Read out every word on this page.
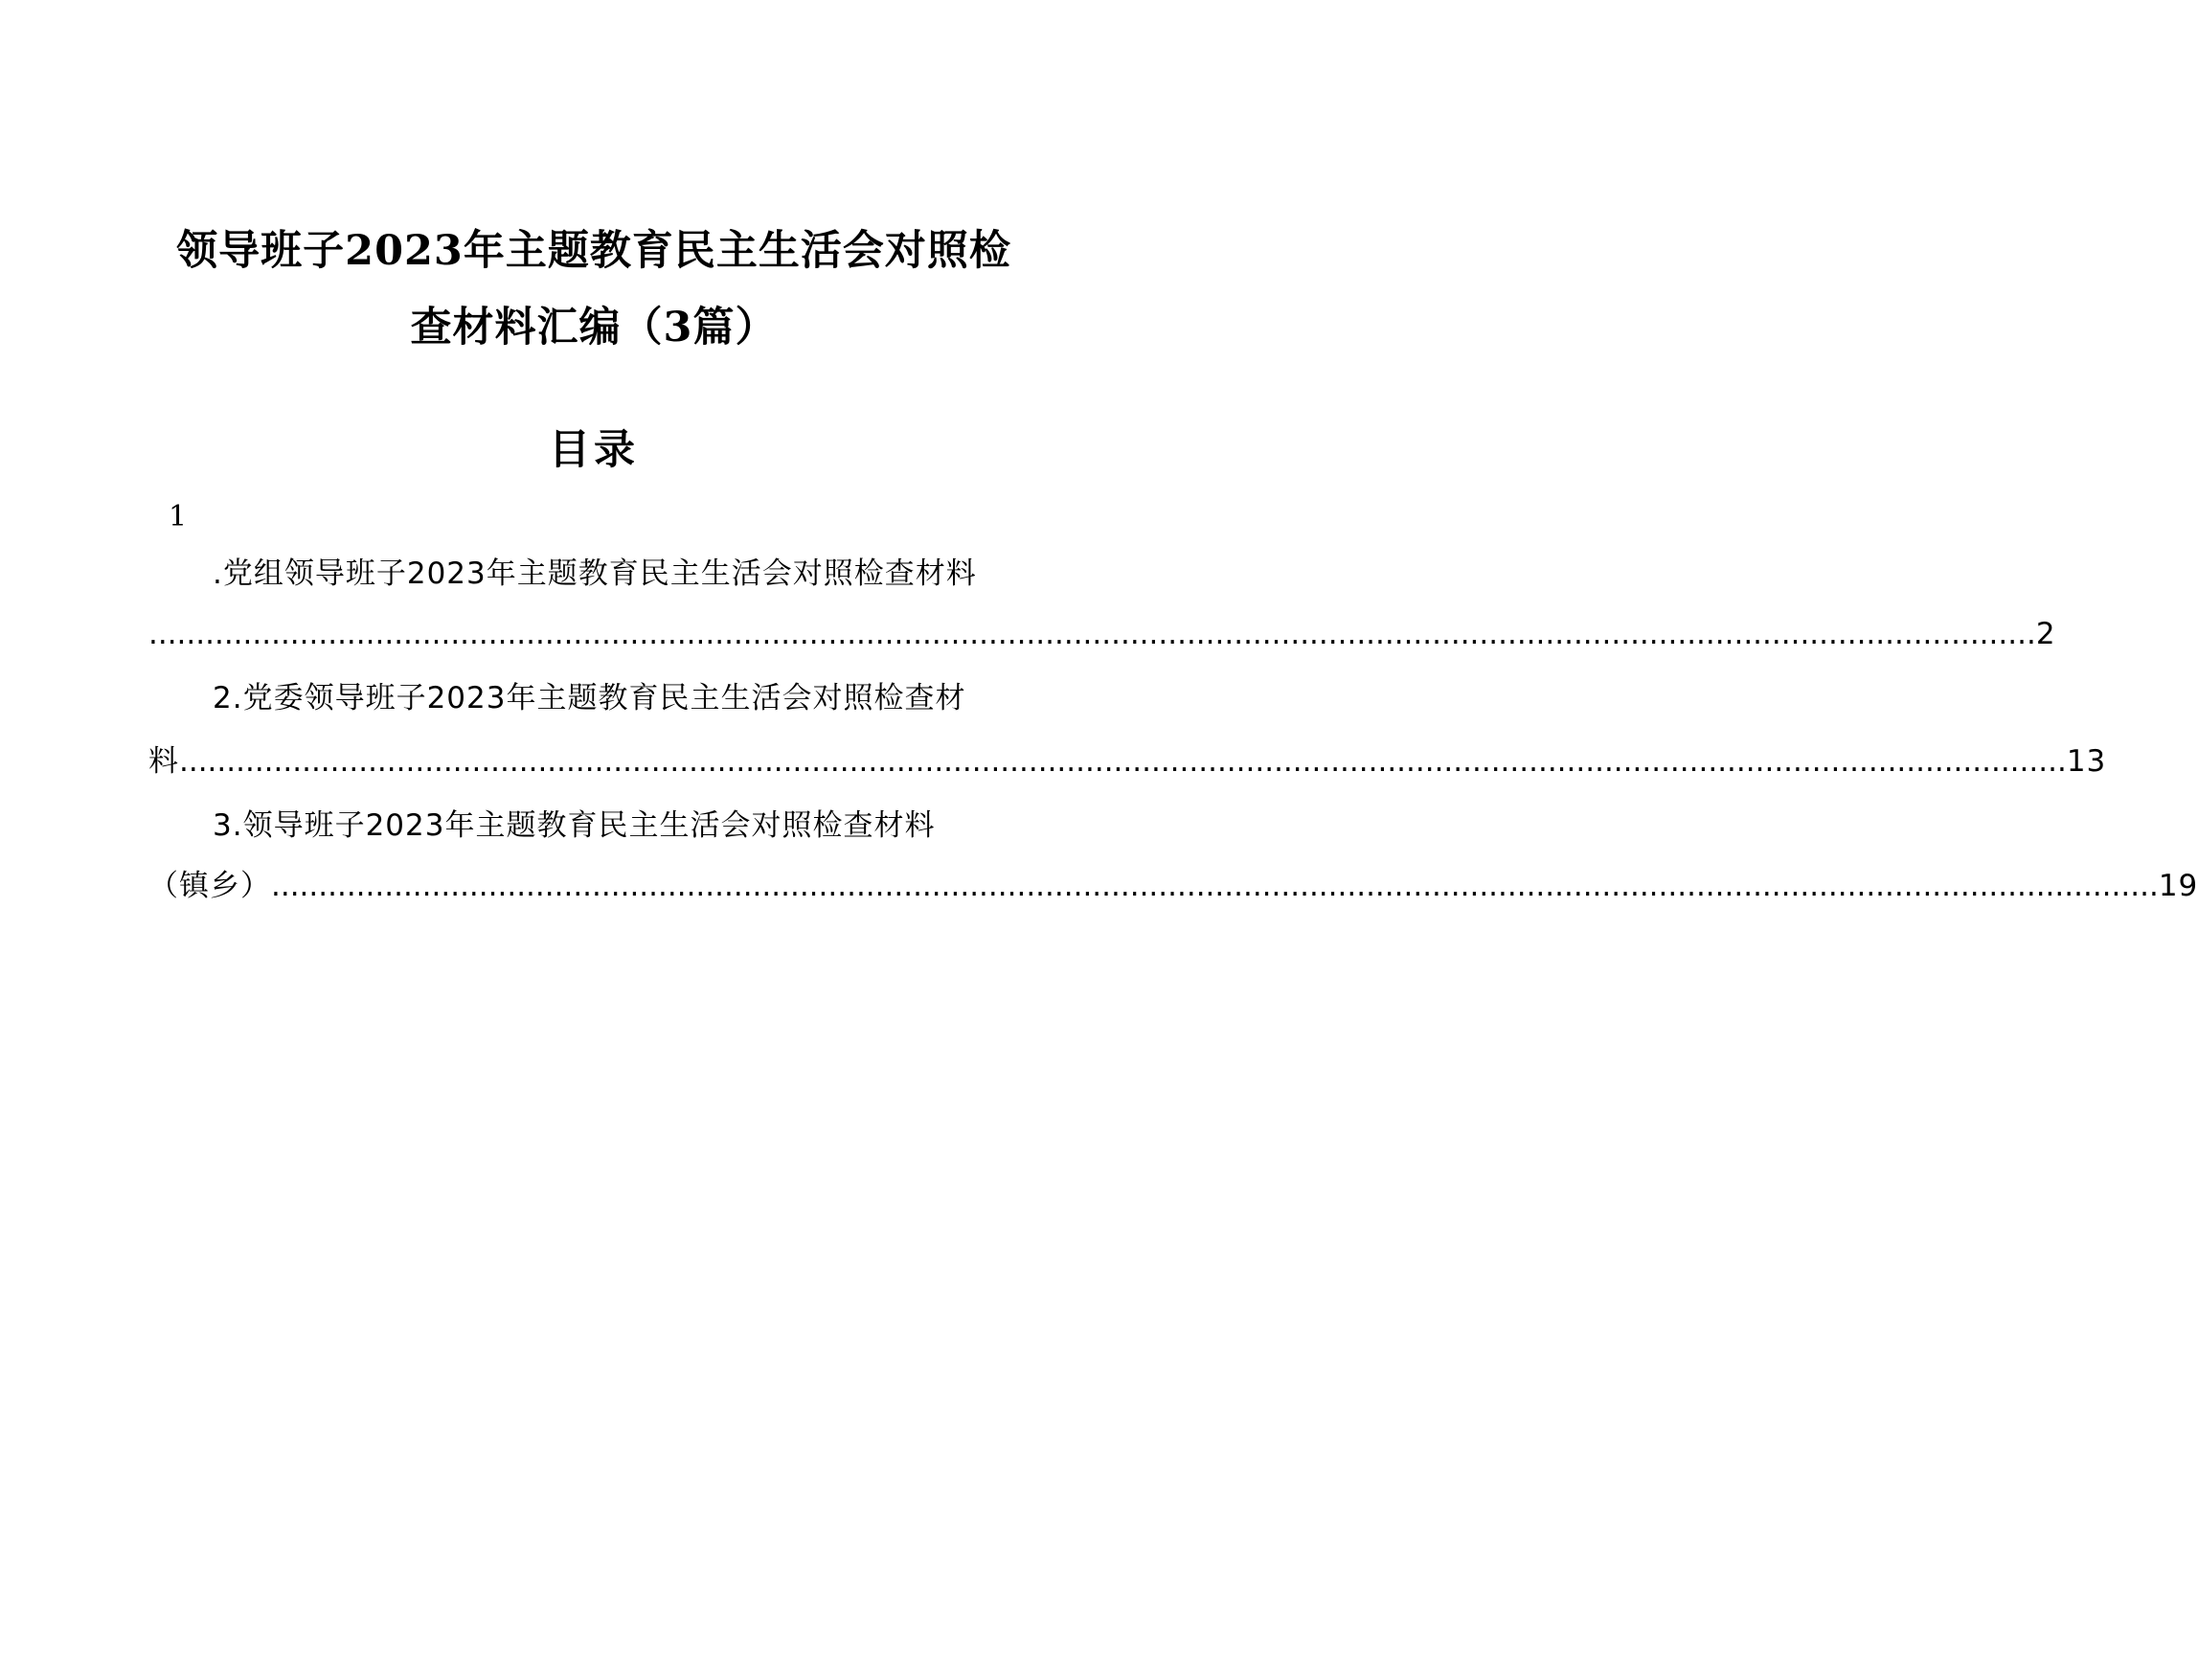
领导班子2023年主题教育民主生活会对照检
查材料汇编（3篇）
目录
1
.党组领导班子2023年主题教育民主生活会对照检查材料
........................................................................................................................................................................................................ 2
2.党委领导班子2023年主题教育民主生活会对照检查材
料 ........................................................................................................................................................................................................ 13
3.领导班子2023年主题教育民主生活会对照检查材料
（镇乡） ........................................................................................................................................................................................................ 19
